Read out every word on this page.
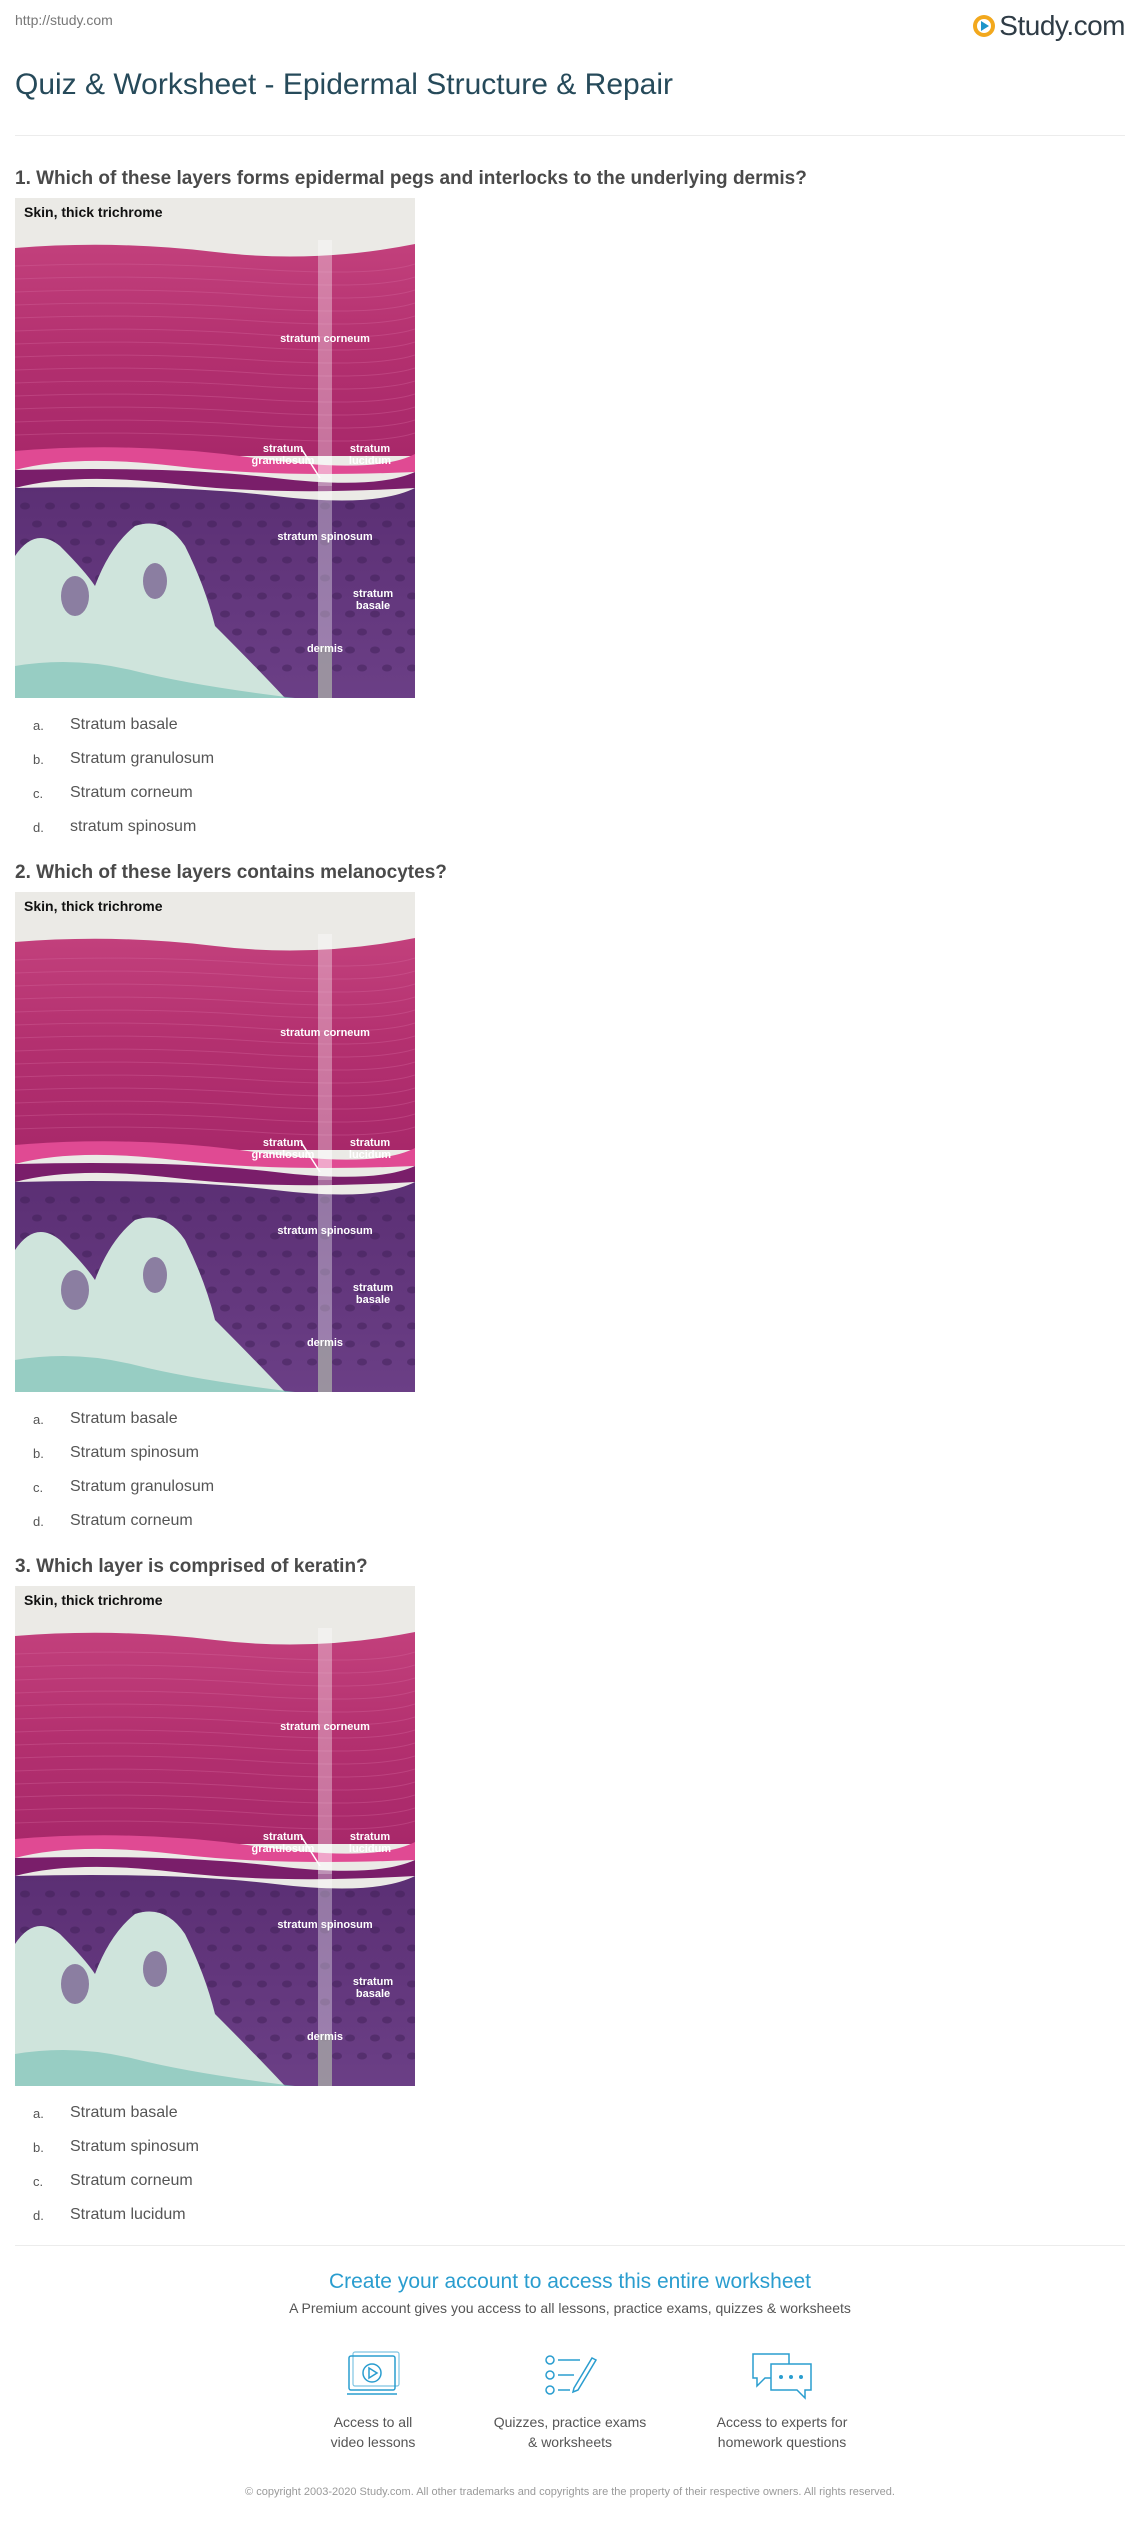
http://study.com	Study.com
Quiz & Worksheet - Epidermal Structure & Repair
1. Which of these layers forms epidermal pegs and interlocks to the underlying dermis?
Skin, thick trichrome
stratum corneum
stratum
granulosum
stratum
lucidum
stratum spinosum
stratum
basale
dermis
a.	Stratum basale
b.	Stratum granulosum
c.	Stratum corneum
d.	stratum spinosum
2. Which of these layers contains melanocytes?
Skin, thick trichrome
stratum corneum
stratum
granulosum
stratum
lucidum
stratum spinosum
stratum
basale
dermis
a.	Stratum basale
b.	Stratum spinosum
c.	Stratum granulosum
d.	Stratum corneum
3. Which layer is comprised of keratin?
Skin, thick trichrome
stratum corneum
stratum
granulosum
stratum
lucidum
stratum spinosum
stratum
basale
dermis
a.	Stratum basale
b.	Stratum spinosum
c.	Stratum corneum
d.	Stratum lucidum
Create your account to access this entire worksheet
A Premium account gives you access to all lessons, practice exams, quizzes & worksheets
Access to all
video lessons
Quizzes, practice exams
& worksheets
Access to experts for
homework questions
© copyright 2003-2020 Study.com. All other trademarks and copyrights are the property of their respective owners. All rights reserved.
